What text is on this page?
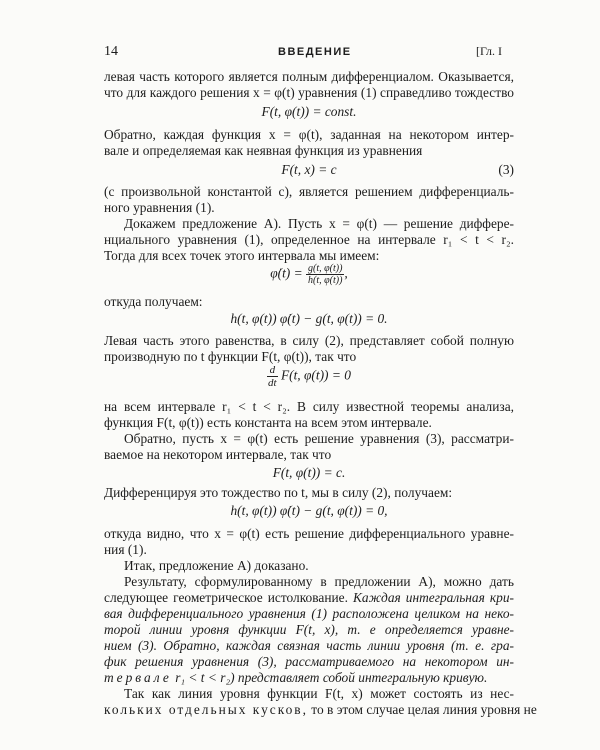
14	ВВЕДЕНИЕ	[Гл. I
левая часть которого является полным дифференциалом. Оказывается,
что для каждого решения x = φ(t) уравнения (1) справедливо тождество
F(t, φ(t)) = const.
Обратно, каждая функция x = φ(t), заданная на некотором интер-
вале и определяемая как неявная функция из уравнения
F(t, x) = c	(3)
(с произвольной константой c), является решением дифференциаль-
ного уравнения (1).
Докажем предложение А). Пусть x = φ(t) — решение диффере-
нциального уравнения (1), определенное на интервале r₁ < t < r₂.
Тогда для всех точек этого интервала мы имеем:
φ̇(t) = $\frac{g(t, \varphi(t))}{h(t, \varphi(t))}$ ,
откуда получаем:
h(t, φ(t)) φ̇(t) − g(t, φ(t)) = 0.
Левая часть этого равенства, в силу (2), представляет собой полную
производную по t функции F(t, φ(t)), так что
$\frac{d}{dt} F(t$, φ(t)) = 0
на всем интервале r₁ < t < r₂. В силу известной теоремы анализа,
функция F(t, φ(t)) есть константа на всем этом интервале.
Обратно, пусть x = φ(t) есть решение уравнения (3), рассматри-
ваемое на некотором интервале, так что
F(t, φ(t)) = c.
Дифференцируя это тождество по t, мы в силу (2), получаем:
h(t, φ(t)) φ̇(t) − g(t, φ(t)) = 0,
откуда видно, что x = φ(t) есть решение дифференциального уравне-
ния (1).
Итак, предложение А) доказано.
Результату, сформулированному в предложении А), можно дать
следующее геометрическое истолкование. Каждая интегральная кри-
вая дифференциального уравнения (1) расположена целиком на неко-
торой линии уровня функции F(t, x), т. е определяется уравне-
нием (3). Обратно, каждая связная часть линии уровня (т. е. гра-
фик решения уравнения (3), рассматриваемого на некотором ин-
тервале r₁ < t < r₂) представляет собой интегральную кривую.
Так как линия уровня функции F(t, x) может состоять из нес-
кольких отдельных кусков, то в этом случае целая линия уровня не
